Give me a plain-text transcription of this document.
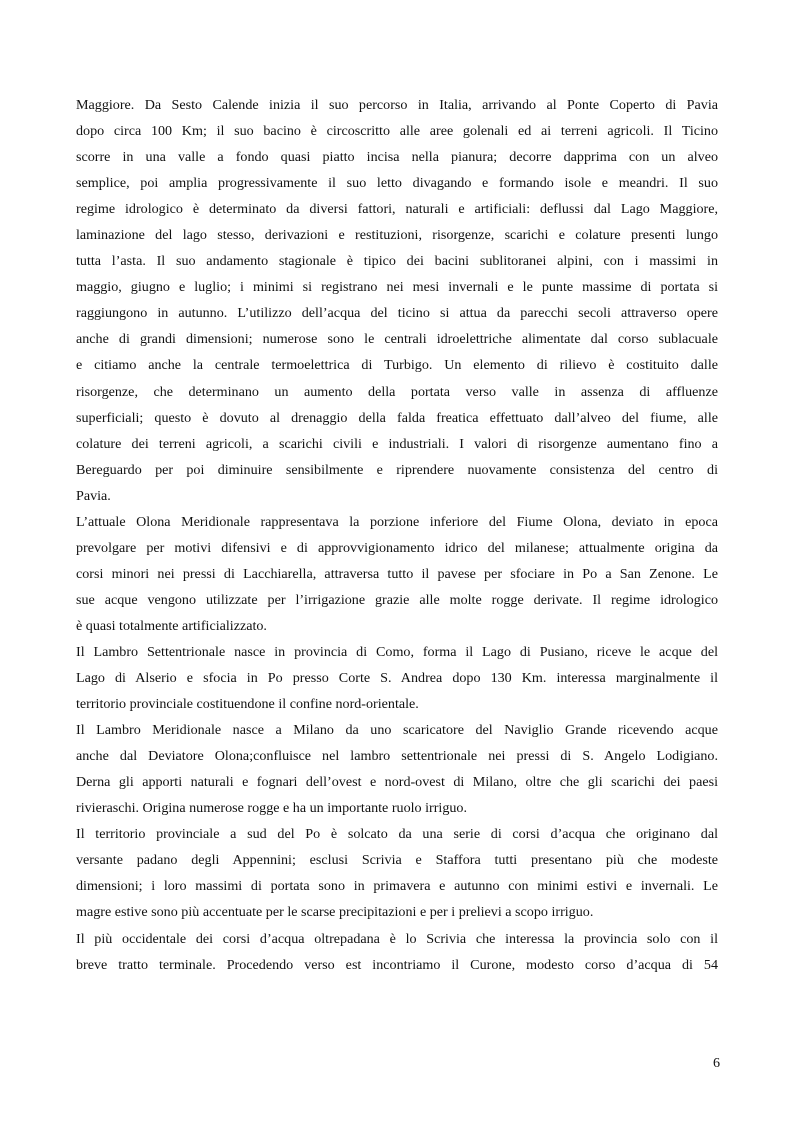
Maggiore. Da Sesto Calende inizia il suo percorso in Italia, arrivando al Ponte Coperto di Pavia
dopo circa 100 Km; il suo bacino è circoscritto alle aree golenali ed ai terreni agricoli. Il Ticino
scorre in una valle a fondo quasi piatto incisa nella pianura; decorre dapprima con un alveo
semplice, poi amplia progressivamente il suo letto divagando e formando isole e meandri. Il suo
regime idrologico è determinato da diversi fattori, naturali e artificiali: deflussi dal Lago Maggiore,
laminazione del lago stesso, derivazioni e restituzioni, risorgenze, scarichi e colature presenti lungo
tutta l’asta. Il suo andamento stagionale è tipico dei bacini sublitoranei alpini, con i massimi in
maggio, giugno e luglio; i minimi si registrano nei mesi invernali e le punte massime di portata si
raggiungono in autunno. L’utilizzo dell’acqua del ticino si attua da parecchi secoli attraverso opere
anche di grandi dimensioni; numerose sono le centrali idroelettriche alimentate dal corso sublacuale
e citiamo anche la centrale termoelettrica di Turbigo. Un elemento di rilievo è costituito dalle
risorgenze, che determinano un aumento della portata verso valle in assenza di affluenze
superficiali; questo è dovuto al drenaggio della falda freatica effettuato dall’alveo del fiume, alle
colature dei terreni agricoli, a scarichi civili e industriali. I valori di risorgenze aumentano fino a
Bereguardo per poi diminuire sensibilmente e riprendere nuovamente consistenza del centro di
Pavia.
L’attuale Olona Meridionale rappresentava la porzione inferiore del Fiume Olona, deviato in epoca
prevolgare per motivi difensivi e di approvvigionamento idrico del milanese; attualmente origina da
corsi minori nei pressi di Lacchiarella, attraversa tutto il pavese per sfociare in Po a San Zenone. Le
sue acque vengono utilizzate per l’irrigazione grazie alle molte rogge derivate. Il regime idrologico
è quasi totalmente artificializzato.
Il Lambro Settentrionale nasce in provincia di Como, forma il Lago di Pusiano, riceve le acque del
Lago di Alserio e sfocia in Po presso Corte S. Andrea dopo 130 Km. interessa marginalmente il
territorio provinciale costituendone il confine nord-orientale.
Il Lambro Meridionale nasce a Milano da uno scaricatore del Naviglio Grande ricevendo acque
anche dal Deviatore Olona;confluisce nel lambro settentrionale nei pressi di S. Angelo Lodigiano.
Derna gli apporti naturali e fognari dell’ovest e nord-ovest di Milano, oltre che gli scarichi dei paesi
rivieraschi. Origina numerose rogge e ha un importante ruolo irriguo.
Il territorio provinciale a sud del Po è solcato da una serie di corsi d’acqua che originano dal
versante padano degli Appennini; esclusi Scrivia e Staffora tutti presentano più che modeste
dimensioni; i loro massimi di portata sono in primavera e autunno con minimi estivi e invernali. Le
magre estive sono più accentuate per le scarse precipitazioni e per i prelievi a scopo irriguo.
Il più occidentale dei corsi d’acqua oltrepadana è lo Scrivia che interessa la provincia solo con il
breve tratto terminale. Procedendo verso est incontriamo il Curone, modesto corso d’acqua di 54
6
